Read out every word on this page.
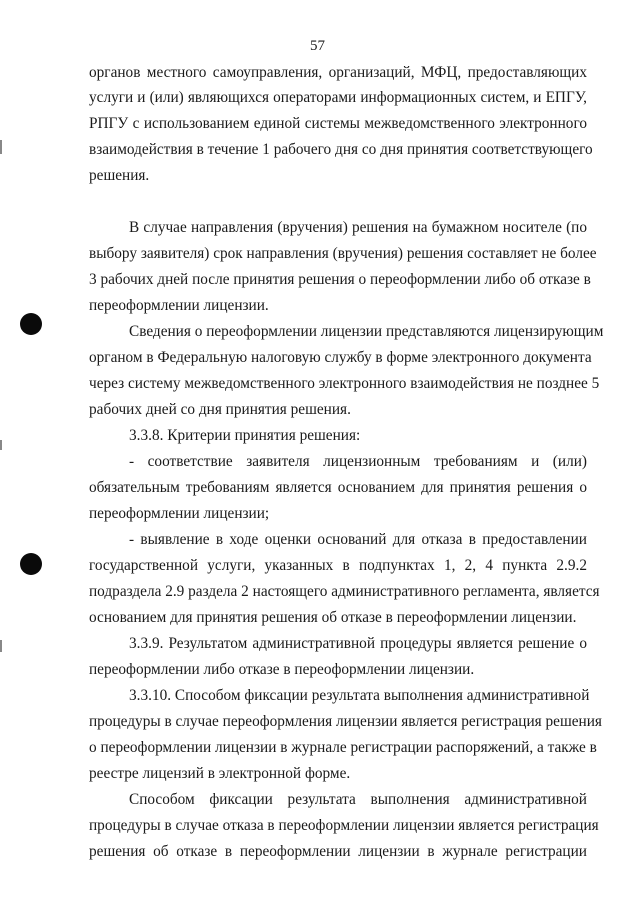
57
органов местного самоуправления, организаций, МФЦ, предоставляющих
услуги и (или) являющихся операторами информационных систем, и ЕПГУ,
РПГУ с использованием единой системы межведомственного электронного
взаимодействия в течение 1 рабочего дня со дня принятия соответствующего
решения.
В случае направления (вручения) решения на бумажном носителе (по
выбору заявителя) срок направления (вручения) решения составляет не более
3 рабочих дней после принятия решения о переоформлении либо об отказе в
переоформлении лицензии.
Сведения о переоформлении лицензии представляются лицензирующим
органом в Федеральную налоговую службу в форме электронного документа
через систему межведомственного электронного взаимодействия не позднее 5
рабочих дней со дня принятия решения.
3.3.8. Критерии принятия решения:
- соответствие заявителя лицензионным требованиям и (или)
обязательным требованиям является основанием для принятия решения о
переоформлении лицензии;
- выявление в ходе оценки оснований для отказа в предоставлении
государственной услуги, указанных в подпунктах 1, 2, 4 пункта 2.9.2
подраздела 2.9 раздела 2 настоящего административного регламента, является
основанием для принятия решения об отказе в переоформлении лицензии.
3.3.9. Результатом административной процедуры является решение о
переоформлении либо отказе в переоформлении лицензии.
3.3.10. Способом фиксации результата выполнения административной
процедуры в случае переоформления лицензии является регистрация решения
о переоформлении лицензии в журнале регистрации распоряжений, а также в
реестре лицензий в электронной форме.
Способом фиксации результата выполнения административной
процедуры в случае отказа в переоформлении лицензии является регистрация
решения об отказе в переоформлении лицензии в журнале регистрации
